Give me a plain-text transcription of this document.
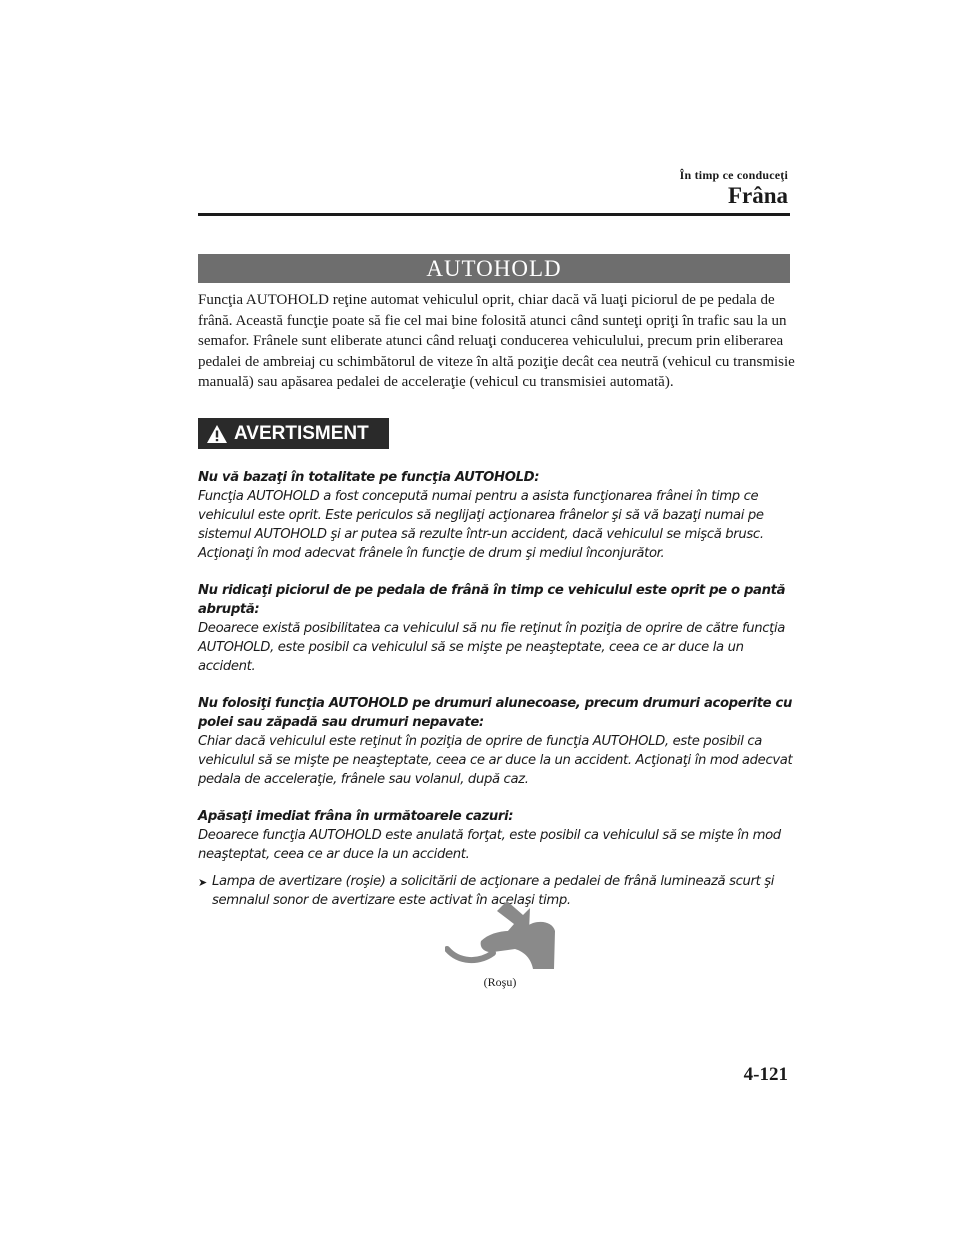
În timp ce conduceţi
Frâna
AUTOHOLD

Funcţia AUTOHOLD reţine automat vehiculul oprit, chiar dacă vă luaţi piciorul de pe pedala de frână. Această funcţie poate să fie cel mai bine folosită atunci când sunteţi opriţi în trafic sau la un semafor. Frânele sunt eliberate atunci când reluaţi conducerea vehiculului, precum prin eliberarea pedalei de ambreiaj cu schimbătorul de viteze în altă poziţie decât cea neutră (vehicul cu transmisie manuală) sau apăsarea pedalei de acceleraţie (vehicul cu transmisiei automată).

AVERTISMENT

Nu vă bazaţi în totalitate pe funcţia AUTOHOLD:
Funcţia AUTOHOLD a fost concepută numai pentru a asista funcţionarea frânei în timp ce vehiculul este oprit. Este periculos să neglijaţi acţionarea frânelor şi să vă bazaţi numai pe sistemul AUTOHOLD şi ar putea să rezulte într-un accident, dacă vehiculul se mişcă brusc. Acţionaţi în mod adecvat frânele în funcţie de drum şi mediul înconjurător.

Nu ridicaţi piciorul de pe pedala de frână în timp ce vehiculul este oprit pe o pantă abruptă:
Deoarece există posibilitatea ca vehiculul să nu fie reţinut în poziţia de oprire de către funcţia AUTOHOLD, este posibil ca vehiculul să se mişte pe neaşteptate, ceea ce ar duce la un accident.

Nu folosiţi funcţia AUTOHOLD pe drumuri alunecoase, precum drumuri acoperite cu polei sau zăpadă sau drumuri nepavate:
Chiar dacă vehiculul este reţinut în poziţia de oprire de funcţia AUTOHOLD, este posibil ca vehiculul să se mişte pe neaşteptate, ceea ce ar duce la un accident. Acţionaţi în mod adecvat pedala de acceleraţie, frânele sau volanul, după caz.

Apăsaţi imediat frâna în următoarele cazuri:
Deoarece funcţia AUTOHOLD este anulată forţat, este posibil ca vehiculul să se mişte în mod neaşteptat, ceea ce ar duce la un accident.

➤ Lampa de avertizare (roşie) a solicitării de acţionare a pedalei de frână luminează scurt şi semnalul sonor de avertizare este activat în acelaşi timp.
(Roşu)
4-121
